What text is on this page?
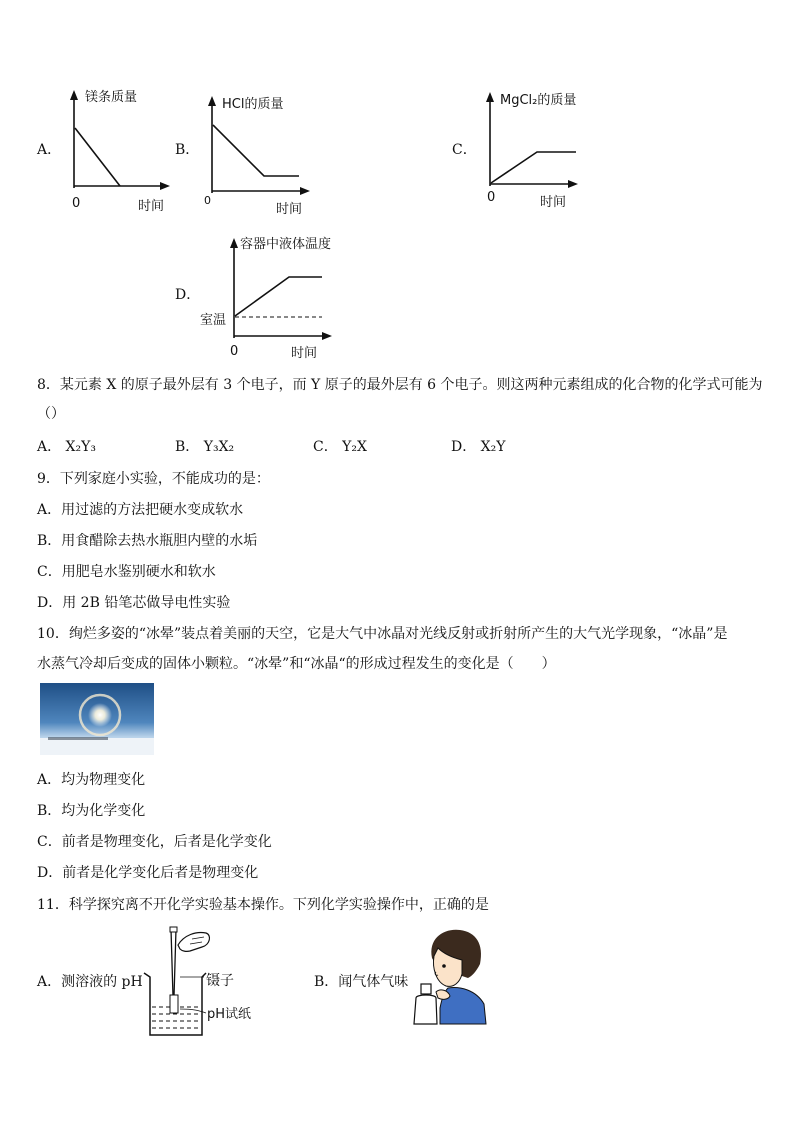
A．
镁条质量
0	时间
B．
HCl的质量
0
时间
C．
MgCl₂的质量
0	时间
D．
容器中液体温度
室温
0	时间
8．某元素 X 的原子最外层有 3 个电子，而 Y 原子的最外层有 6 个电子。则这两种元素组成的化合物的化学式可能为
（）
A． X₂Y₃	B． Y₃X₂	C． Y₂X	D． X₂Y
9．下列家庭小实验，不能成功的是：
A．用过滤的方法把硬水变成软水
B．用食醋除去热水瓶胆内壁的水垢
C．用肥皂水鉴别硬水和软水
D．用 2B 铅笔芯做导电性实验
10．绚烂多姿的“冰晕”装点着美丽的天空，它是大气中冰晶对光线反射或折射所产生的大气光学现象，“冰晶”是
水蒸气冷却后变成的固体小颗粒。“冰晕”和“冰晶“的形成过程发生的变化是（　　）
A．均为物理变化
B．均为化学变化
C．前者是物理变化，后者是化学变化
D．前者是化学变化后者是物理变化
11．科学探究离不开化学实验基本操作。下列化学实验操作中，正确的是
A．测溶液的 pH	镊子
pH试纸
B．闻气体气味
